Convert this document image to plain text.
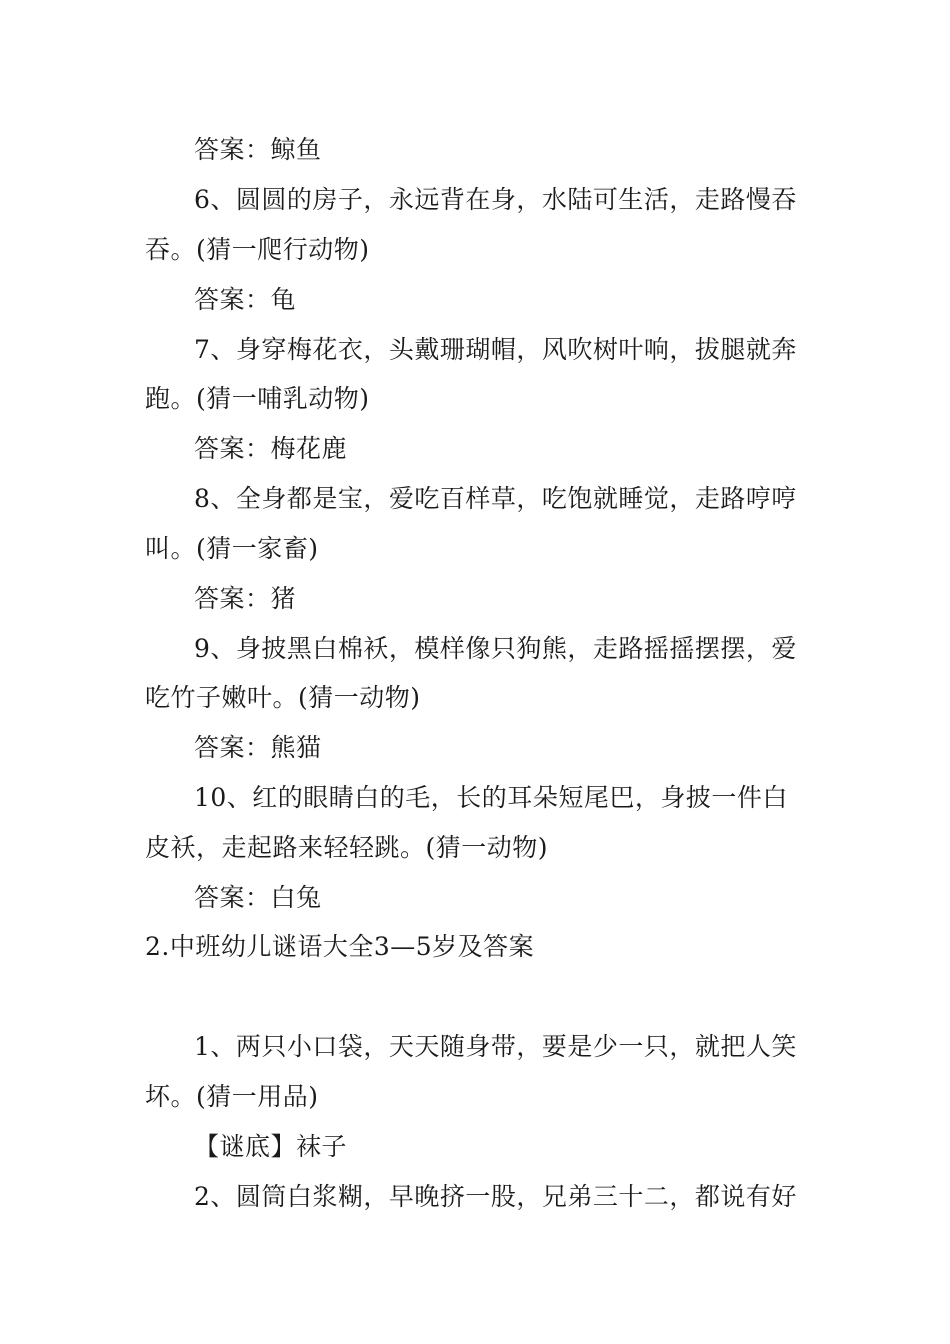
答案：鲸鱼
6、圆圆的房子，永远背在身，水陆可生活，走路慢吞
吞。(猜一爬行动物)
答案：龟
7、身穿梅花衣，头戴珊瑚帽，风吹树叶响，拔腿就奔
跑。(猜一哺乳动物)
答案：梅花鹿
8、全身都是宝，爱吃百样草，吃饱就睡觉，走路哼哼
叫。(猜一家畜)
答案：猪
9、身披黑白棉袄，模样像只狗熊，走路摇摇摆摆，爱
吃竹子嫩叶。(猜一动物)
答案：熊猫
10、红的眼睛白的毛，长的耳朵短尾巴，身披一件白
皮袄，走起路来轻轻跳。(猜一动物)
答案：白兔
2.中班幼儿谜语大全3—5岁及答案
1、两只小口袋，天天随身带，要是少一只，就把人笑
坏。(猜一用品)
【谜底】袜子
2、圆筒白浆糊，早晚挤一股，兄弟三十二，都说有好
